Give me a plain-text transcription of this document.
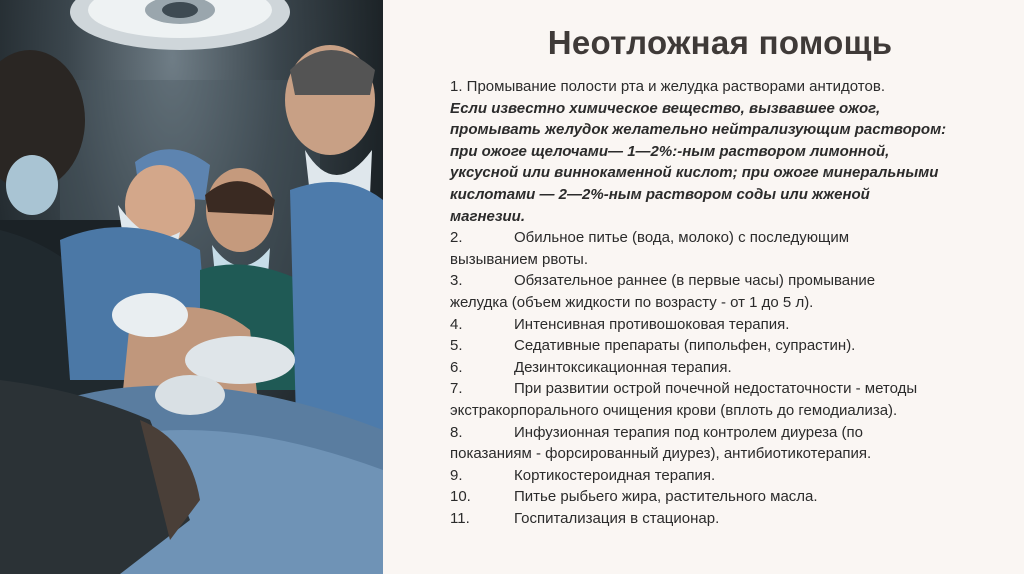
Неотложная помощь
1. Промывание полости рта и желудка растворами антидотов.
Если известно химическое вещество, вызвавшее ожог,
промывать желудок желательно нейтрализующим раствором:
при ожоге щелочами— 1—2%:-ным раствором лимонной,
уксусной или виннокаменной кислот; при ожоге минеральными
кислотами — 2—2%-ным раствором соды или жженой
магнезии.
2.	Обильное питье (вода, молоко) с последующим
вызыванием рвоты.
3.	Обязательное раннее (в первые часы) промывание
желудка (объем жидкости по возрасту - от 1 до 5 л).
4.	Интенсивная противошоковая терапия.
5.	Седативные препараты (пипольфен, супрастин).
6.	Дезинтоксикационная терапия.
7.	При развитии острой почечной недостаточности - методы
экстракорпорального очищения крови (вплоть до гемодиализа).
8.	Инфузионная терапия под контролем диуреза (по
показаниям - форсированный диурез), антибиотикотерапия.
9.	Кортикостероидная терапия.
10.	Питье рыбьего жира, растительного масла.
11.	Госпитализация в стационар.
